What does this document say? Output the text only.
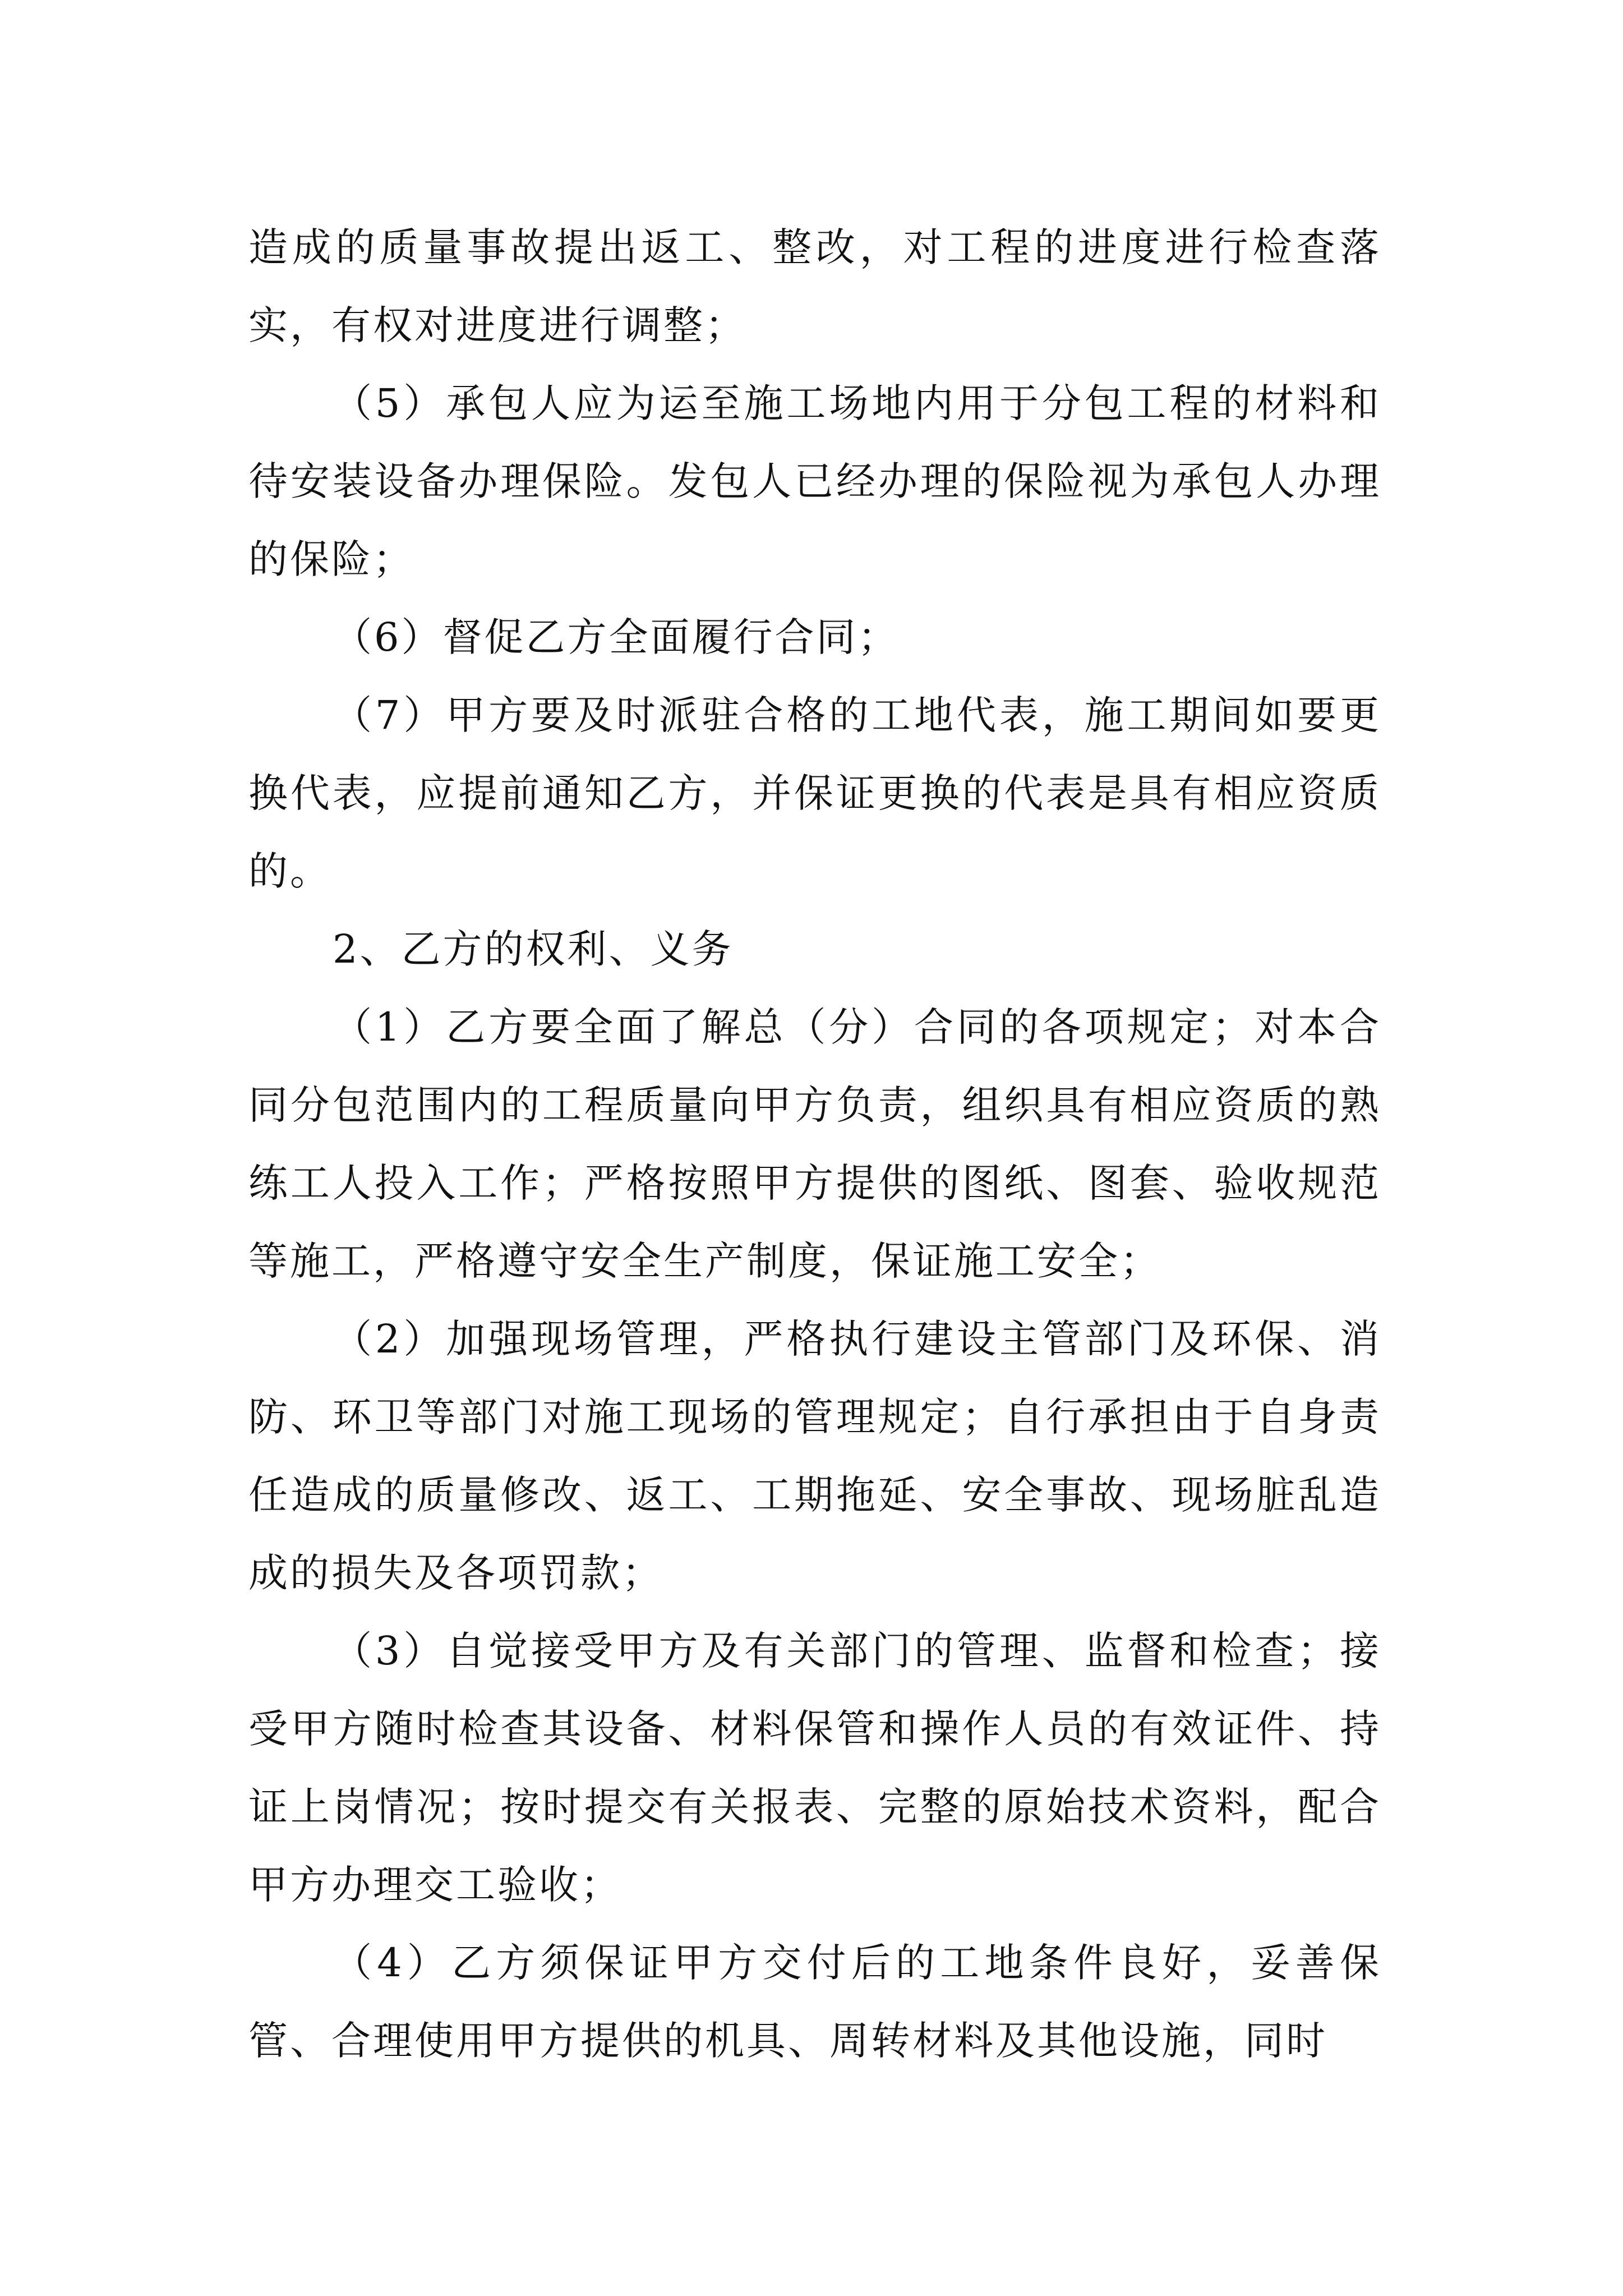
造成的质量事故提出返工、整改，对工程的进度进行检查落实，有权对进度进行调整；

（5）承包人应为运至施工场地内用于分包工程的材料和待安装设备办理保险。发包人已经办理的保险视为承包人办理的保险；

（6）督促乙方全面履行合同；

（7）甲方要及时派驻合格的工地代表，施工期间如要更换代表，应提前通知乙方，并保证更换的代表是具有相应资质的。

2、乙方的权利、义务

（1）乙方要全面了解总（分）合同的各项规定；对本合同分包范围内的工程质量向甲方负责，组织具有相应资质的熟练工人投入工作；严格按照甲方提供的图纸、图套、验收规范等施工，严格遵守安全生产制度，保证施工安全；

（2）加强现场管理，严格执行建设主管部门及环保、消防、环卫等部门对施工现场的管理规定；自行承担由于自身责任造成的质量修改、返工、工期拖延、安全事故、现场脏乱造成的损失及各项罚款；

（3）自觉接受甲方及有关部门的管理、监督和检查；接受甲方随时检查其设备、材料保管和操作人员的有效证件、持证上岗情况；按时提交有关报表、完整的原始技术资料，配合甲方办理交工验收；

（4）乙方须保证甲方交付后的工地条件良好，妥善保管、合理使用甲方提供的机具、周转材料及其他设施，同时
